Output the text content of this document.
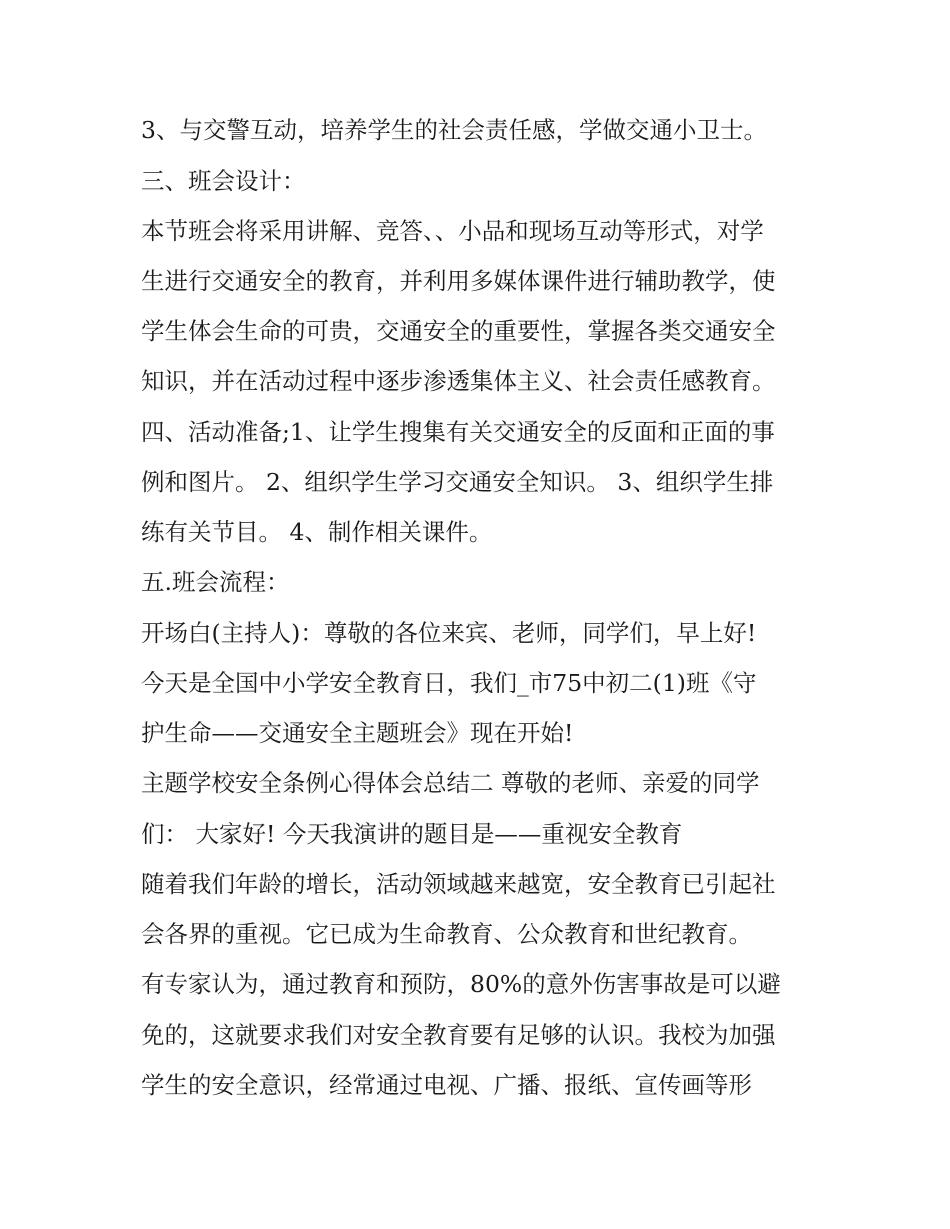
3、与交警互动，培养学生的社会责任感，学做交通小卫士。
三、班会设计：
本节班会将采用讲解、竞答、、小品和现场互动等形式，对学
生进行交通安全的教育，并利用多媒体课件进行辅助教学，使
学生体会生命的可贵，交通安全的重要性，掌握各类交通安全
知识，并在活动过程中逐步渗透集体主义、社会责任感教育。
四、活动准备;1、让学生搜集有关交通安全的反面和正面的事
例和图片。 2、组织学生学习交通安全知识。 3、组织学生排
练有关节目。 4、制作相关课件。
五.班会流程：
开场白(主持人)：尊敬的各位来宾、老师，同学们，早上好!
今天是全国中小学安全教育日，我们_市75中初二(1)班《守
护生命——交通安全主题班会》现在开始!
主题学校安全条例心得体会总结二 尊敬的老师、亲爱的同学
们： 大家好! 今天我演讲的题目是——重视安全教育
随着我们年龄的增长，活动领域越来越宽，安全教育已引起社
会各界的重视。它已成为生命教育、公众教育和世纪教育。
有专家认为，通过教育和预防，80%的意外伤害事故是可以避
免的，这就要求我们对安全教育要有足够的认识。我校为加强
学生的安全意识，经常通过电视、广播、报纸、宣传画等形
